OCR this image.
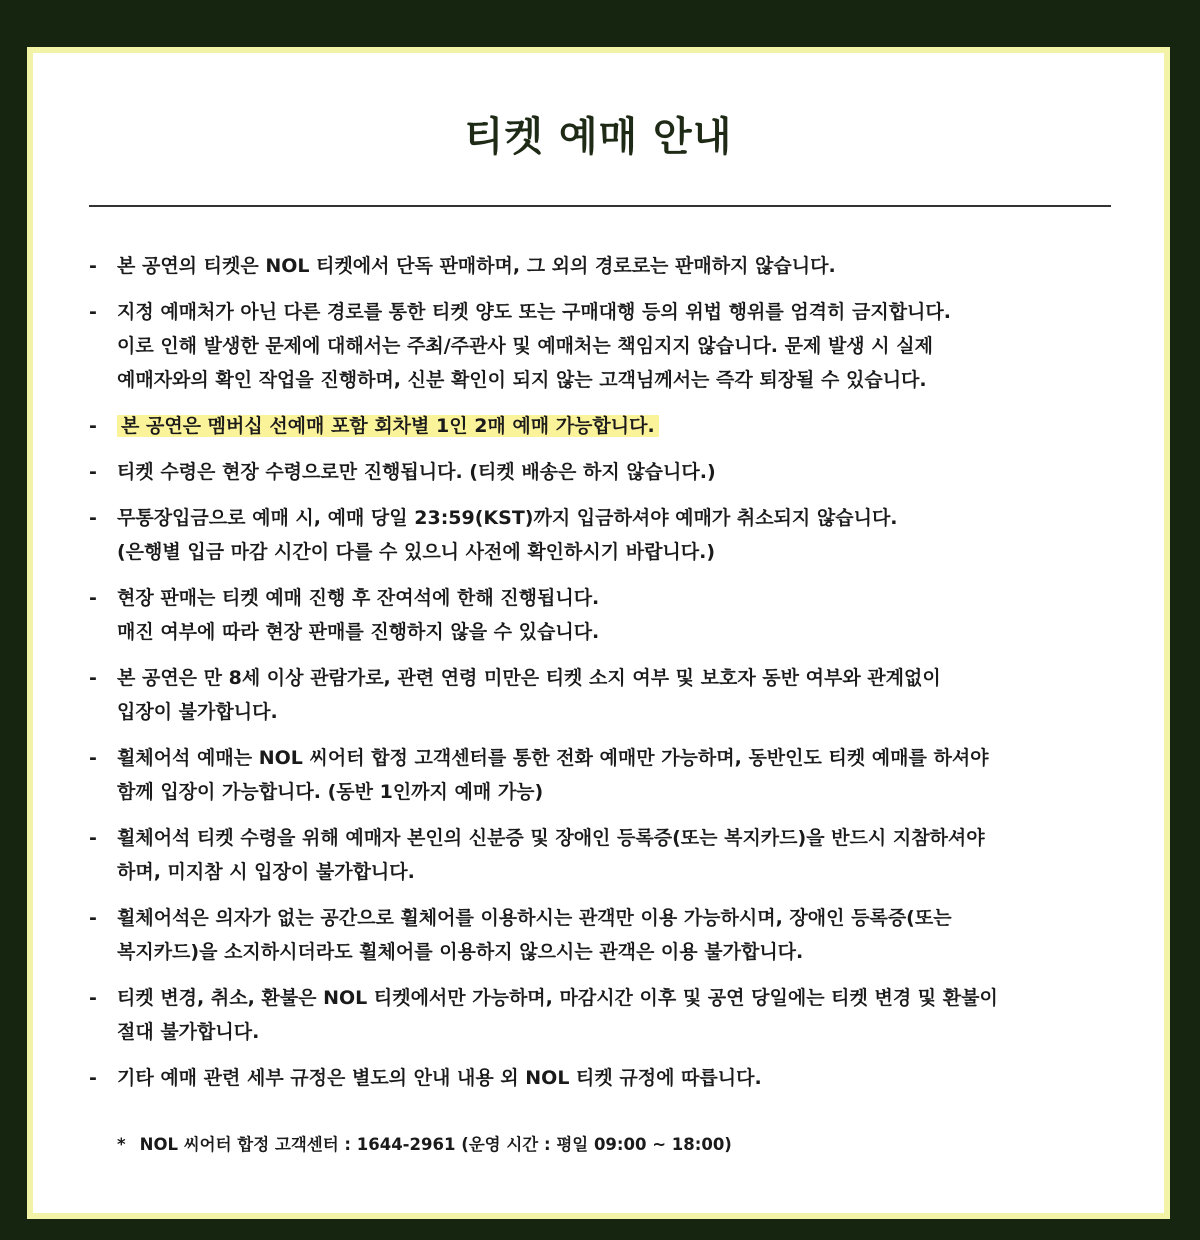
티켓 예매 안내
- 본 공연의 티켓은 NOL 티켓에서 단독 판매하며, 그 외의 경로로는 판매하지 않습니다.
- 지정 예매처가 아닌 다른 경로를 통한 티켓 양도 또는 구매대행 등의 위법 행위를 엄격히 금지합니다.
이로 인해 발생한 문제에 대해서는 주최/주관사 및 예매처는 책임지지 않습니다. 문제 발생 시 실제
예매자와의 확인 작업을 진행하며, 신분 확인이 되지 않는 고객님께서는 즉각 퇴장될 수 있습니다.
- 본 공연은 멤버십 선예매 포함 회차별 1인 2매 예매 가능합니다.
- 티켓 수령은 현장 수령으로만 진행됩니다. (티켓 배송은 하지 않습니다.)
- 무통장입금으로 예매 시, 예매 당일 23:59(KST)까지 입금하셔야 예매가 취소되지 않습니다.
(은행별 입금 마감 시간이 다를 수 있으니 사전에 확인하시기 바랍니다.)
- 현장 판매는 티켓 예매 진행 후 잔여석에 한해 진행됩니다.
매진 여부에 따라 현장 판매를 진행하지 않을 수 있습니다.
- 본 공연은 만 8세 이상 관람가로, 관련 연령 미만은 티켓 소지 여부 및 보호자 동반 여부와 관계없이
입장이 불가합니다.
- 휠체어석 예매는 NOL 씨어터 합정 고객센터를 통한 전화 예매만 가능하며, 동반인도 티켓 예매를 하셔야
함께 입장이 가능합니다. (동반 1인까지 예매 가능)
- 휠체어석 티켓 수령을 위해 예매자 본인의 신분증 및 장애인 등록증(또는 복지카드)을 반드시 지참하셔야
하며, 미지참 시 입장이 불가합니다.
- 휠체어석은 의자가 없는 공간으로 휠체어를 이용하시는 관객만 이용 가능하시며, 장애인 등록증(또는
복지카드)을 소지하시더라도 휠체어를 이용하지 않으시는 관객은 이용 불가합니다.
- 티켓 변경, 취소, 환불은 NOL 티켓에서만 가능하며, 마감시간 이후 및 공연 당일에는 티켓 변경 및 환불이
절대 불가합니다.
- 기타 예매 관련 세부 규정은 별도의 안내 내용 외 NOL 티켓 규정에 따릅니다.

* NOL 씨어터 합정 고객센터 : 1644-2961 (운영 시간 : 평일 09:00 ~ 18:00)
